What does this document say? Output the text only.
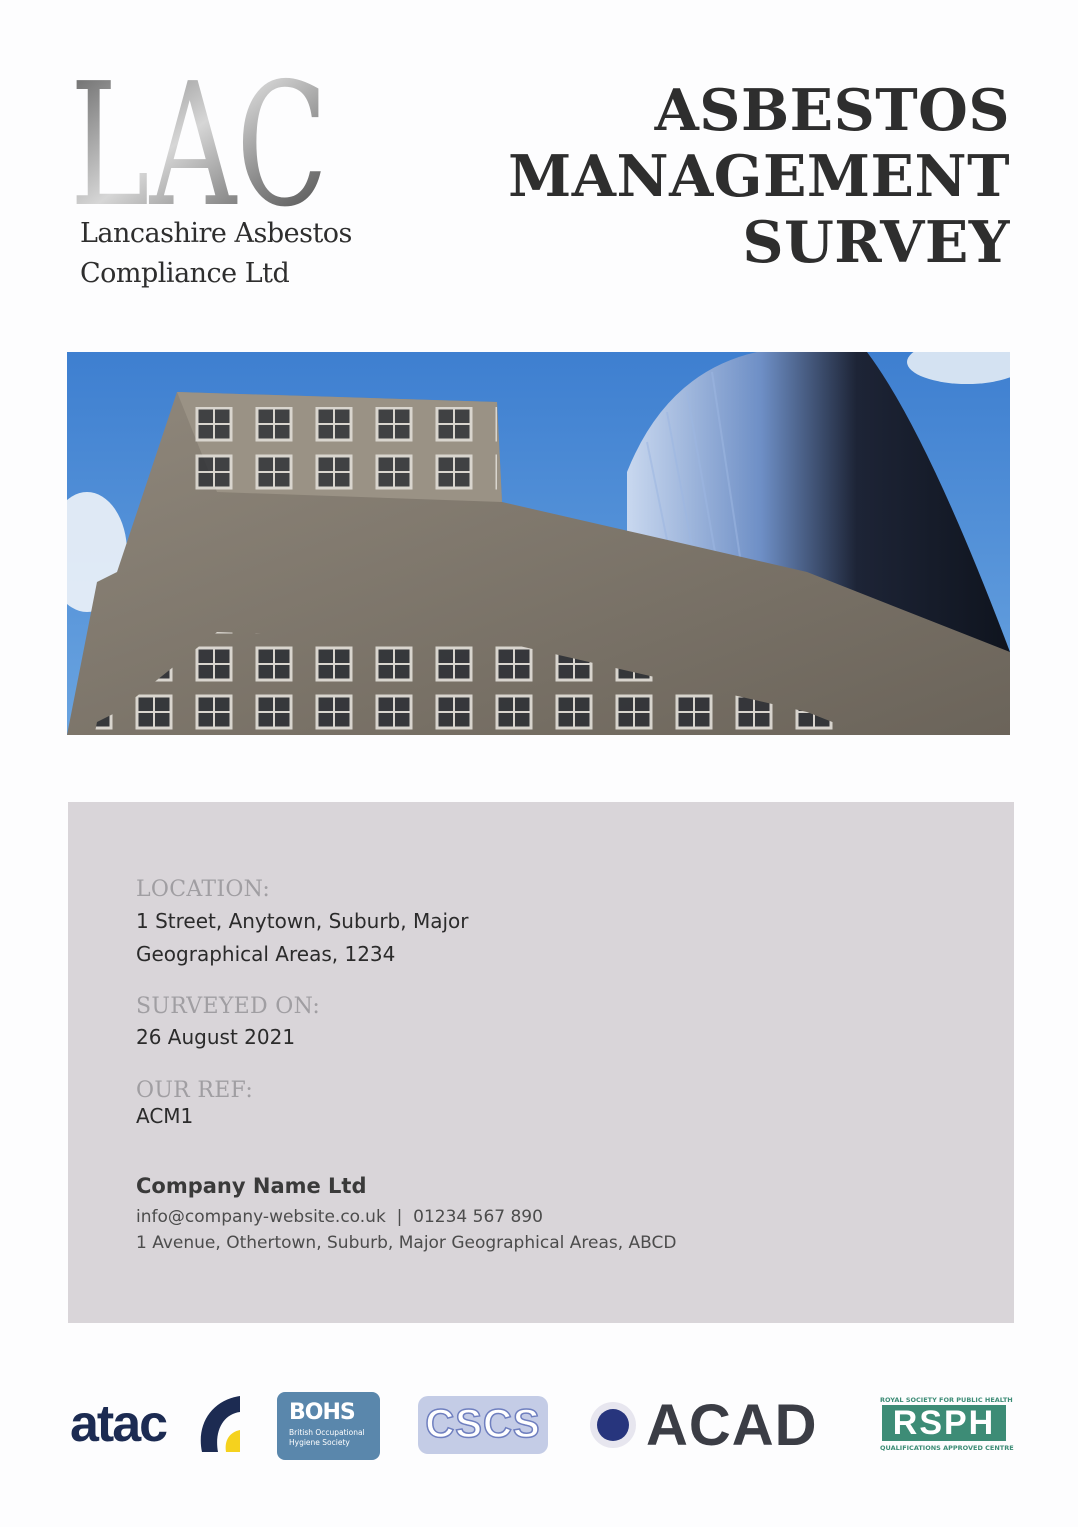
LAC
Lancashire Asbestos
Compliance Ltd
ASBESTOS
MANAGEMENT
SURVEY
LOCATION:
1 Street, Anytown, Suburb, Major
Geographical Areas, 1234
SURVEYED ON:
26 August 2021
OUR REF:
ACM1
Company Name Ltd
info@company-website.co.uk  |  01234 567 890
1 Avenue, Othertown, Suburb, Major Geographical Areas, ABCD
atac	BOHS
British Occupational
Hygiene Society	CSCS ACAD	ROYAL SOCIETY FOR PUBLIC HEALTH
RSPH
QUALIFICATIONS APPROVED CENTRE
